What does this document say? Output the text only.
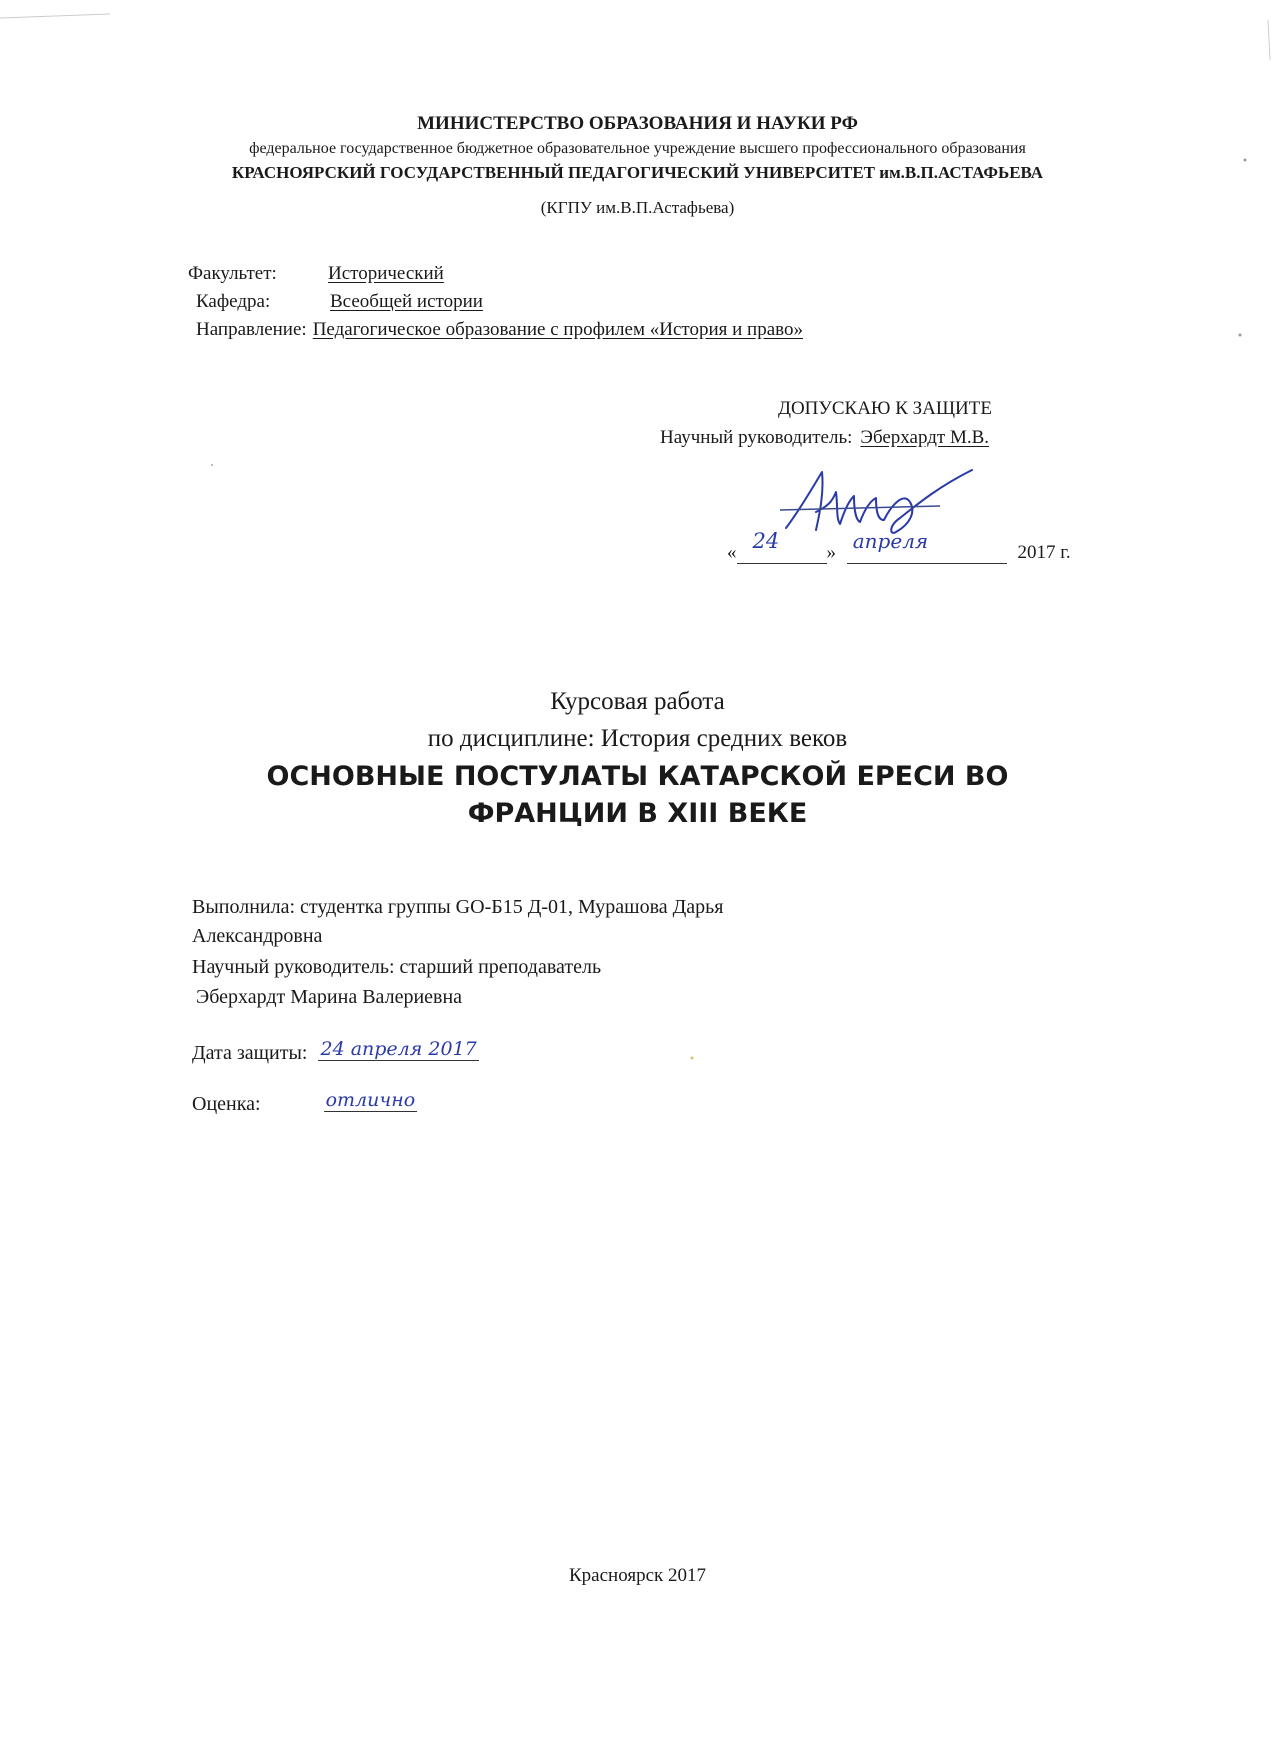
МИНИСТЕРСТВО ОБРАЗОВАНИЯ И НАУКИ РФ
федеральное государственное бюджетное образовательное учреждение высшего профессионального образования
КРАСНОЯРСКИЙ ГОСУДАРСТВЕННЫЙ ПЕДАГОГИЧЕСКИЙ УНИВЕРСИТЕТ им.В.П.АСТАФЬЕВА
(КГПУ им.В.П.Астафьева)
Факультет:	Исторический
Кафедра:	Всеобщей истории
Направление: Педагогическое образование с профилем «История и право»
ДОПУСКАЮ К ЗАЩИТЕ
Научный руководитель: Эберхардт М.В.
« 24 » апреля	2017 г.
Курсовая работа
по дисциплине: История средних веков
ОСНОВНЫЕ ПОСТУЛАТЫ КАТАРСКОЙ ЕРЕСИ ВО
ФРАНЦИИ В XIII ВЕКЕ
Выполнила: студентка группы GO-Б15 Д-01, Мурашова Дарья Александровна
Научный руководитель: старший преподаватель
Эберхардт Марина Валериевна
Дата защиты: 24 апреля 2017
Оценка:	отлично
Красноярск 2017
